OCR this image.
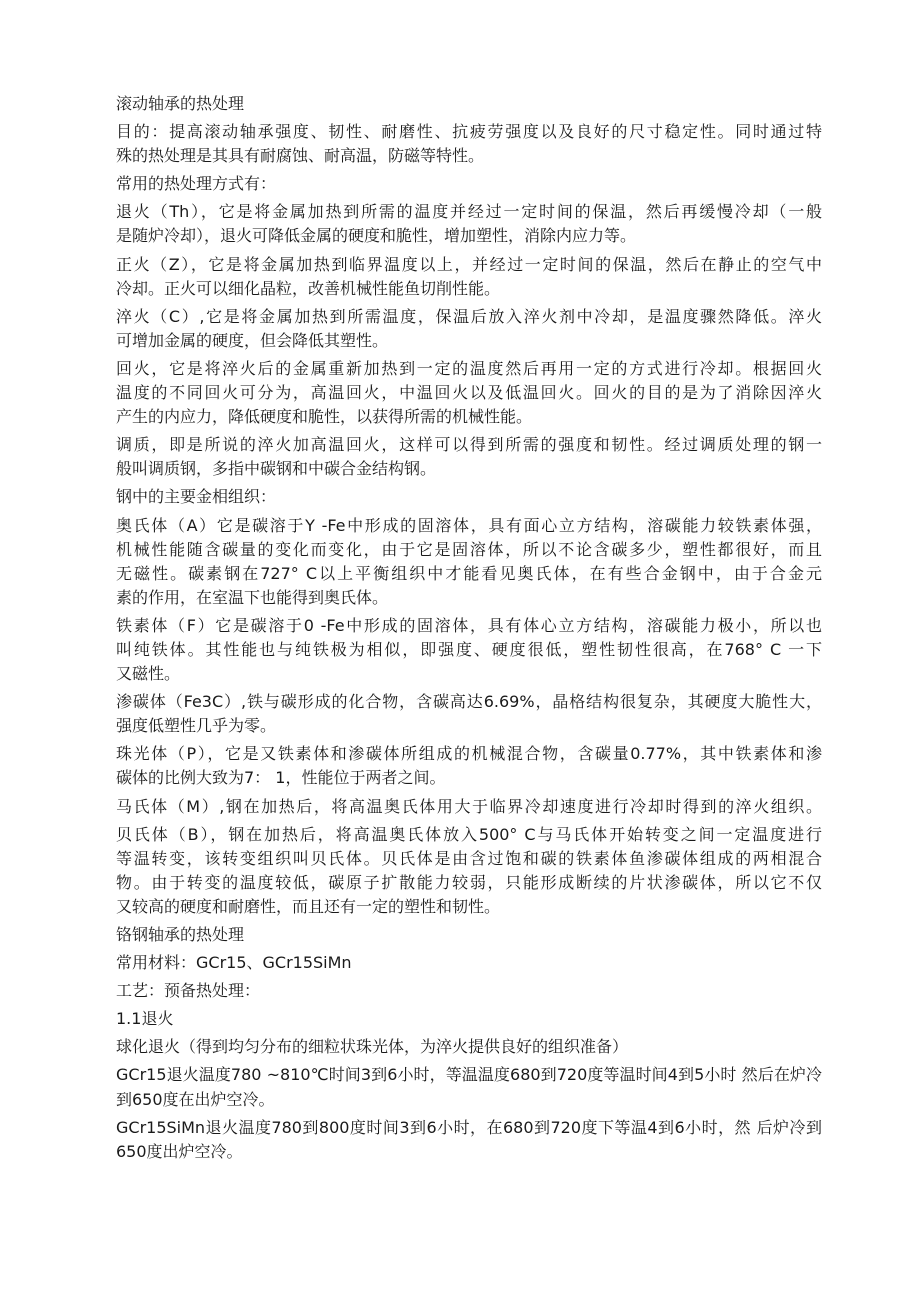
滚动轴承的热处理
目的：提高滚动轴承强度、韧性、耐磨性、抗疲劳强度以及良好的尺寸稳定性。同时通过特
殊的热处理是其具有耐腐蚀、耐高温，防磁等特性。
常用的热处理方式有：
退火（Th），它是将金属加热到所需的温度并经过一定时间的保温，然后再缓慢冷却（一般
是随炉冷却），退火可降低金属的硬度和脆性，增加塑性，消除内应力等。
正火（Z），它是将金属加热到临界温度以上，并经过一定时间的保温，然后在静止的空气中
冷却。正火可以细化晶粒，改善机械性能鱼切削性能。
淬火（C）,它是将金属加热到所需温度，保温后放入淬火剂中冷却，是温度骤然降低。淬火
可增加金属的硬度，但会降低其塑性。
回火，它是将淬火后的金属重新加热到一定的温度然后再用一定的方式进行冷却。根据回火
温度的不同回火可分为，高温回火，中温回火以及低温回火。回火的目的是为了消除因淬火
产生的内应力，降低硬度和脆性，以获得所需的机械性能。
调质，即是所说的淬火加高温回火，这样可以得到所需的强度和韧性。经过调质处理的钢一
般叫调质钢，多指中碳钢和中碳合金结构钢。
钢中的主要金相组织：
奥氏体（A）它是碳溶于Y -Fe中形成的固溶体，具有面心立方结构，溶碳能力较铁素体强，
机械性能随含碳量的变化而变化，由于它是固溶体，所以不论含碳多少，塑性都很好，而且
无磁性。碳素钢在727° C以上平衡组织中才能看见奥氏体，在有些合金钢中，由于合金元
素的作用，在室温下也能得到奥氏体。
铁素体（F）它是碳溶于0 -Fe中形成的固溶体，具有体心立方结构，溶碳能力极小，所以也
叫纯铁体。其性能也与纯铁极为相似，即强度、硬度很低，塑性韧性很高，在768° C 一下
又磁性。
渗碳体（Fe3C）,铁与碳形成的化合物，含碳高达6.69%，晶格结构很复杂，其硬度大脆性大，
强度低塑性几乎为零。
珠光体（P），它是又铁素体和渗碳体所组成的机械混合物，含碳量0.77%，其中铁素体和渗
碳体的比例大致为7： 1，性能位于两者之间。
马氏体（M）,钢在加热后，将高温奥氏体用大于临界冷却速度进行冷却时得到的淬火组织。
贝氏体（B），钢在加热后，将高温奥氏体放入500° C与马氏体开始转变之间一定温度进行
等温转变，该转变组织叫贝氏体。贝氏体是由含过饱和碳的铁素体鱼渗碳体组成的两相混合
物。由于转变的温度较低，碳原子扩散能力较弱，只能形成断续的片状渗碳体，所以它不仅
又较高的硬度和耐磨性，而且还有一定的塑性和韧性。
铬钢轴承的热处理
常用材料：GCr15、GCr15SiMn
工艺：预备热处理：
1.1退火
球化退火（得到均匀分布的细粒状珠光体，为淬火提供良好的组织准备）
GCr15退火温度780 ~810℃时间3到6小时，等温温度680到720度等温时间4到5小时 然后在炉冷
到650度在出炉空冷。
GCr15SiMn退火温度780到800度时间3到6小时，在680到720度下等温4到6小时，然 后炉冷到
650度出炉空冷。
